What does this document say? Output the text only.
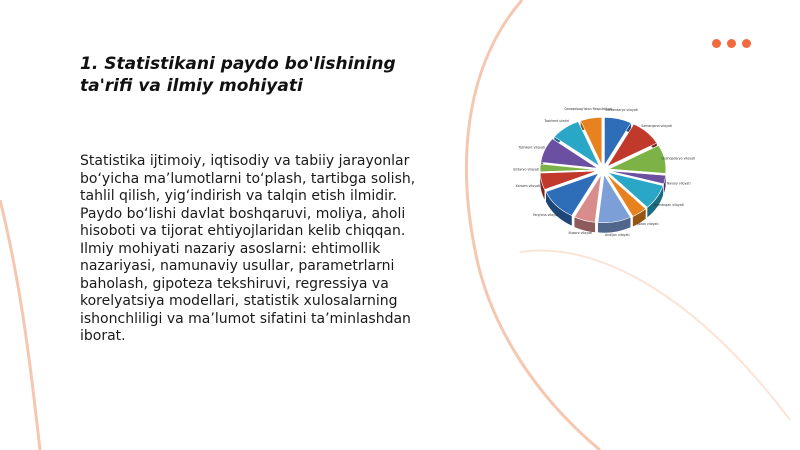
1. Statistikani paydo bo'lishining ta'rifi va ilmiy mohiyati

Statistika ijtimoiy, iqtisodiy va tabiiy jarayonlar bo‘yicha ma’lumotlarni to‘plash, tartibga solish, tahlil qilish, yig‘indirish va talqin etish ilmidir. Paydo bo‘lishi davlat boshqaruvi, moliya, aholi hisoboti va tijorat ehtiyojlaridan kelib chiqqan. Ilmiy mohiyati nazariy asoslarni: ehtimollik nazariyasi, namunaviy usullar, parametrlarni baholash, gipoteza tekshiruvi, regressiya va korelyatsiya modellari, statistik xulosalarning ishonchliligi va ma’lumot sifatini ta’minlashdan iborat.

Surxandaryo viloyati
Samarqand viloyati
Qashqadaryo viloyati
Navoiy viloyati
Namangan viloyati
Jizzax viloyati
Andijon viloyati
Buxoro viloyati
Farg'ona viloyati
Xorazm viloyati
Sirdaryo viloyati
Toshkent viloyati
Toshkent shahri
Qoraqalpog'iston Respublikasi
